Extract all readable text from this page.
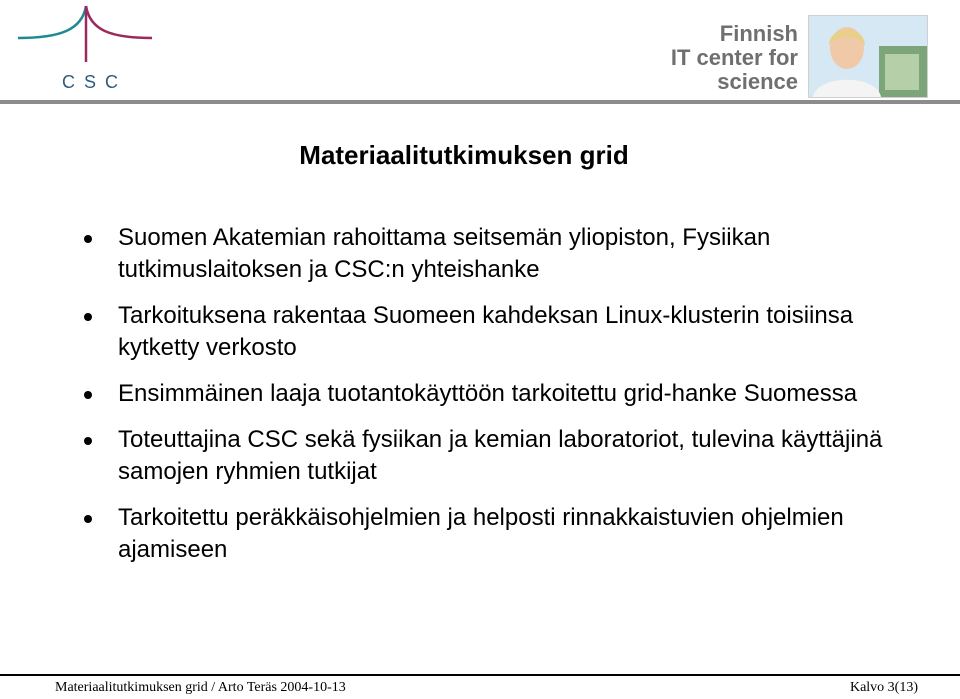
CSC
Finnish
IT center for
science
Materiaalitutkimuksen grid
Suomen Akatemian rahoittama seitsemän yliopiston, Fysiikan tutkimuslaitoksen ja CSC:n yhteishanke
Tarkoituksena rakentaa Suomeen kahdeksan Linux-klusterin toisiinsa kytketty verkosto
Ensimmäinen laaja tuotantokäyttöön tarkoitettu grid-hanke Suomessa
Toteuttajina CSC sekä fysiikan ja kemian laboratoriot, tulevina käyttäjinä samojen ryhmien tutkijat
Tarkoitettu peräkkäisohjelmien ja helposti rinnakkaistuvien ohjelmien ajamiseen
Materiaalitutkimuksen grid / Arto Teräs 2004-10-13	Kalvo 3(13)
